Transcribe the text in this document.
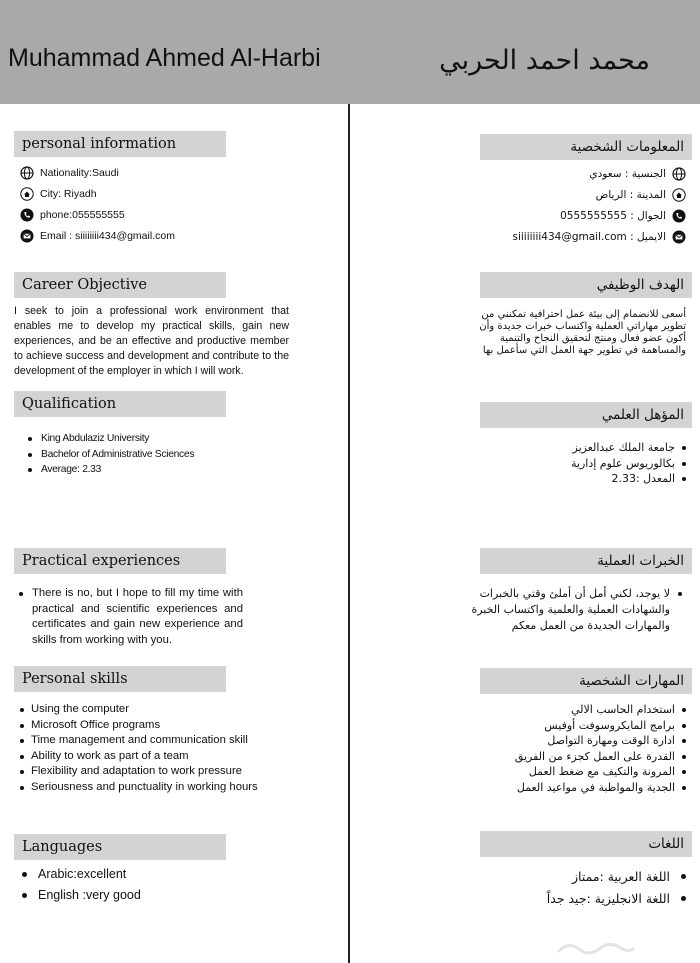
Muhammad Ahmed Al-Harbi	محمد احمد الحربي
personal information
Nationality:Saudi
City: Riyadh
phone:055555555
Email : siiiiiiii434@gmail.com
Career Objective
I seek to join a professional work environment that enables me to develop my practical skills, gain new experiences, and be an effective and productive member to achieve success and development and contribute to the development of the employer in which I will work.
Qualification
King Abdulaziz University
Bachelor of Administrative Sciences
Average: 2.33
Practical experiences
There is no, but I hope to fill my time with practical and scientific experiences and certificates and gain new experience and skills from working with you.
Personal skills
Using the computer
Microsoft Office programs
Time management and communication skill
Ability to work as part of a team
Flexibility and adaptation to work pressure
Seriousness and punctuality in working hours
Languages
Arabic:excellent
English :very good
المعلومات الشخصية
الجنسية : سعودي
المدينة : الرياض
الجوال : 0555555555
الايميل : siiiiiiii434@gmail.com
الهدف الوظيفي
أسعى للانضمام إلى بيئة عمل احترافية تمكنني من تطوير مهاراتي العملية واكتساب خبرات جديدة وأن أكون عضو فعال ومنتج لتحقيق النجاح والتنمية والمساهمة في تطوير جهة العمل التي سأعمل بها
المؤهل العلمي
جامعة الملك عبدالعزيز
بكالوريوس علوم إدارية
المعدل :2.33
الخبرات العملية
لا يوجد، لكني أمل أن أملئ وقتي بالخبرات والشهادات العملية والعلمية واكتساب الخبرة والمهارات الجديدة من العمل معكم
المهارات الشخصية
استخدام الحاسب الالي
برامج المايكروسوفت أوفيس
ادارة الوقت ومهارة التواصل
القدرة على العمل كجزء من الفريق
المرونة والتكيف مع ضغط العمل
الجدية والمواظبة في مواعيد العمل
اللغات
اللغة العربية :ممتاز
اللغة الانجليزية :جيد جداً
